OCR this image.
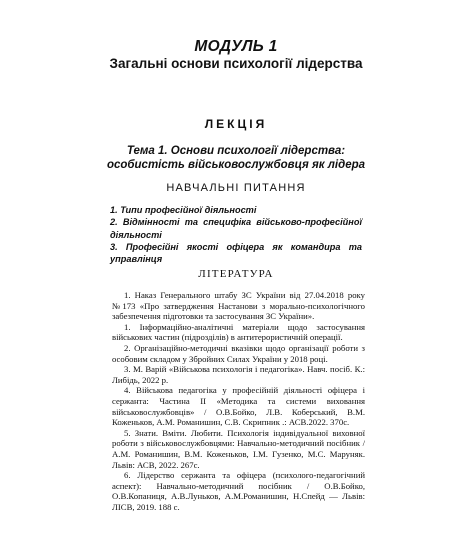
МОДУЛЬ 1
Загальні основи психології лідерства
ЛЕКЦІЯ
Тема 1. Основи психології лідерства:
особистість військовослужбовця як лідера
НАВЧАЛЬНІ ПИТАННЯ
1. Типи професійної діяльності
2. Відмінності та специфіка військово-професійної діяльності
3. Професійні якості офіцера як командира та управлінця
ЛІТЕРАТУРА

1. Наказ Генерального штабу ЗС України від 27.04.2018 року №173 «Про затвердження Настанови з морально-психологічного забезпечення підготовки та застосування ЗС України».

1. Інформаційно-аналітичні матеріали щодо застосування військових частин (підрозділів) в антитерористичній операції.

2. Організаційно-методичні вказівки щодо організації роботи з особовим складом у Збройних Силах України у 2018 році.

3. М. Варій «Військова психологія і педагогіка». Навч. посіб. К.: Либідь, 2022 р.

4. Військова педагогіка у професійній діяльності офіцера і сержанта: Частина II «Методика та системи виховання військовослужбовців» / О.В.Бойко, Л.В. Коберський, В.М. Коженьков, А.М. Романишин, С.В. Скрипник .: АСВ.2022. 370с.

5. Знати. Вміти. Любити. Психологія індивідуальної виховної роботи з військовослужбовцями: Навчально-методичний посібник / А.М. Романишин, В.М. Коженьков, І.М. Гузенко, М.С. Маруняк. Львів: АСВ, 2022. 267с.

6. Лідерство сержанта та офіцера (психолого-педагогічний аспект): Навчально-методичний посібник / О.В.Бойко, О.В.Копаниця, А.В.Луньков, А.М.Романишин, Н.Спейд — Львів: ЛІСВ, 2019. 188 с.
